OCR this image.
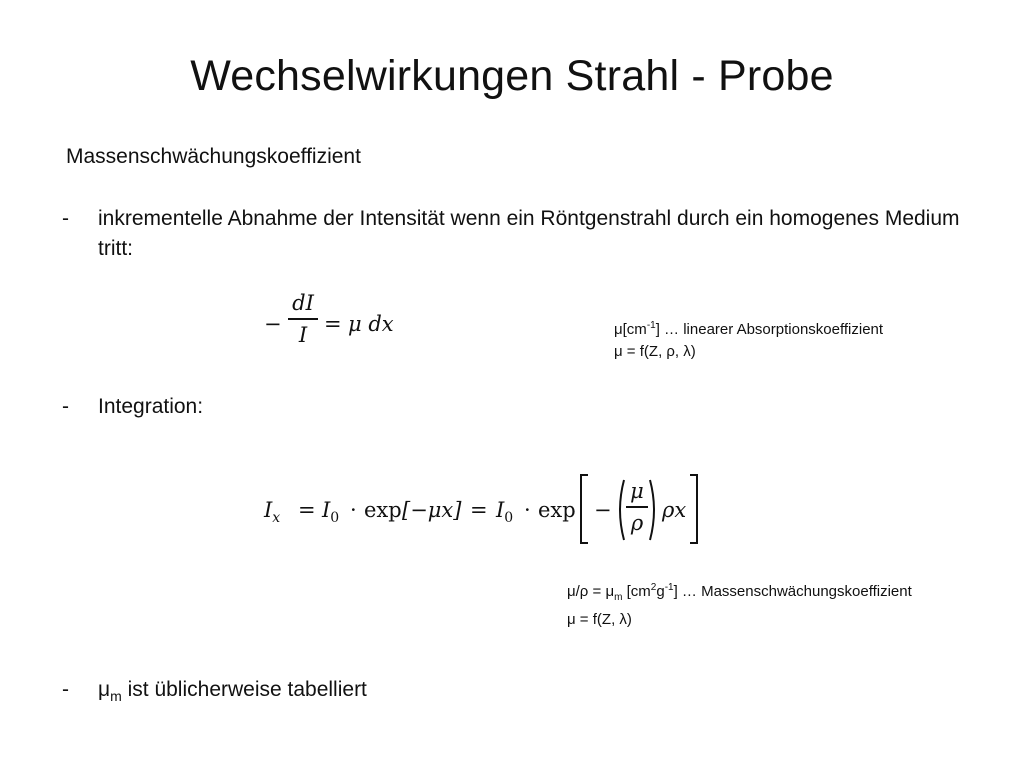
Wechselwirkungen Strahl - Probe
Massenschwächungskoeffizient
- inkrementelle Abnahme der Intensität wenn ein Röntgenstrahl durch ein homogenes Medium tritt:
−
dI
I = μ dx	$\mu[cm^{-1}]$ … linearer Absorptionskoeffizient
μ = f(Z, ρ, λ)
- Integration:
$I_x = I_0 \cdot \exp [-\mu x] = I_0 \cdot \exp$ −
μ
ρ
ρx
$\mu/\rho = \mu_m$ $[cm^2g^{-1}]$ … Massenschwächungskoeffizient
μ = f(Z, λ)
- $\mu_m$ ist üblicherweise tabelliert
